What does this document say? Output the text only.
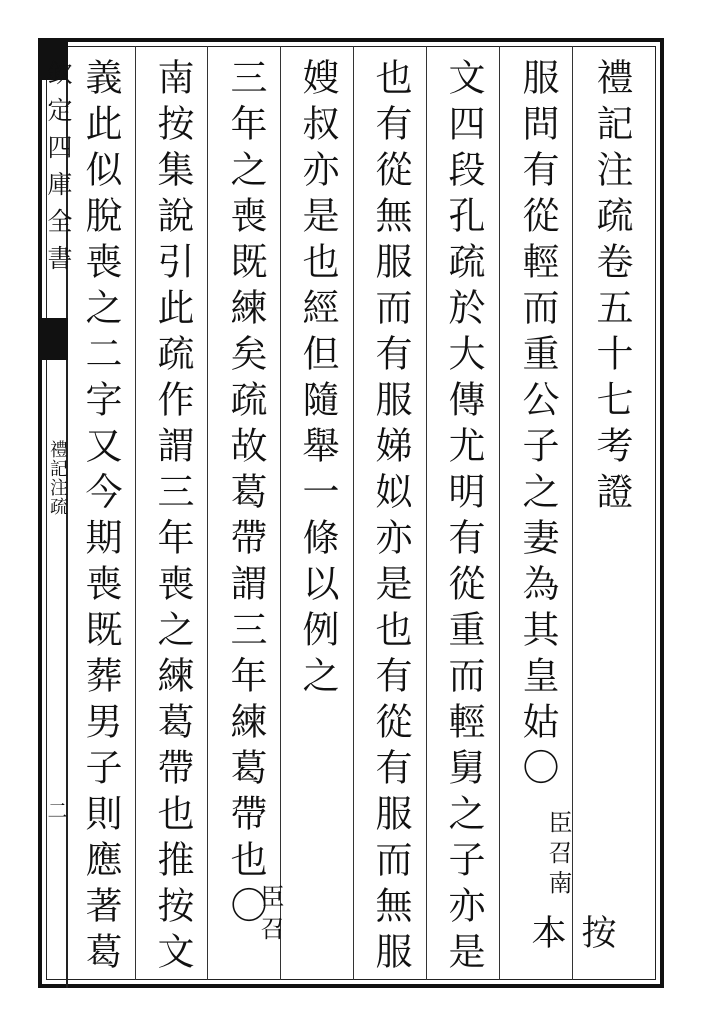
欽定四庫全書
禮記注疏
二
禮記注疏卷五十七考證
服問有從輕而重公子之妻為其皇姑〇
臣召南
按本
文四段孔疏於大傳尤明有從重而輕舅之子亦是
也有從無服而有服娣姒亦是也有從有服而無服
嫂叔亦是也經但隨舉一條以例之
三年之喪既練矣疏故葛帶謂三年練葛帶也〇
臣召
南按集說引此疏作謂三年喪之練葛帶也推按文
義此似脫喪之二字又今期喪既葬男子則應著葛
